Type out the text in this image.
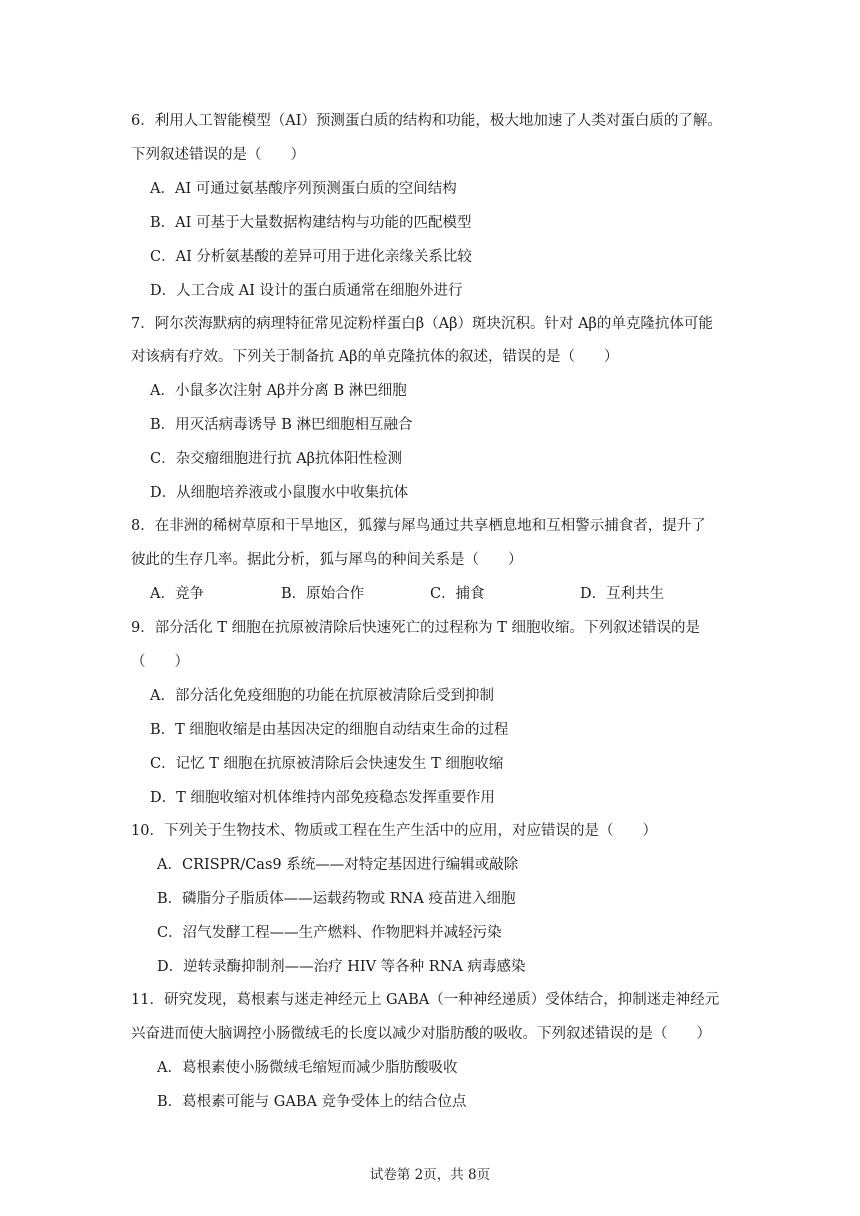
6．利用人工智能模型（AI）预测蛋白质的结构和功能，极大地加速了人类对蛋白质的了解。
下列叙述错误的是（　　）
A．AI 可通过氨基酸序列预测蛋白质的空间结构
B．AI 可基于大量数据构建结构与功能的匹配模型
C．AI 分析氨基酸的差异可用于进化亲缘关系比较
D．人工合成 AI 设计的蛋白质通常在细胞外进行
7．阿尔茨海默病的病理特征常见淀粉样蛋白β（Aβ）斑块沉积。针对 Aβ的单克隆抗体可能
对该病有疗效。下列关于制备抗 Aβ的单克隆抗体的叙述，错误的是（　　）
A．小鼠多次注射 Aβ并分离 B 淋巴细胞
B．用灭活病毒诱导 B 淋巴细胞相互融合
C．杂交瘤细胞进行抗 Aβ抗体阳性检测
D．从细胞培养液或小鼠腹水中收集抗体
8．在非洲的稀树草原和干旱地区，狐獴与犀鸟通过共享栖息地和互相警示捕食者，提升了
彼此的生存几率。据此分析，狐与犀鸟的种间关系是（　　）
A．竞争	B．原始合作	C．捕食	D．互利共生
9．部分活化 T 细胞在抗原被清除后快速死亡的过程称为 T 细胞收缩。下列叙述错误的是
（　　）
A．部分活化免疫细胞的功能在抗原被清除后受到抑制
B．T 细胞收缩是由基因决定的细胞自动结束生命的过程
C．记忆 T 细胞在抗原被清除后会快速发生 T 细胞收缩
D．T 细胞收缩对机体维持内部免疫稳态发挥重要作用
10．下列关于生物技术、物质或工程在生产生活中的应用，对应错误的是（　　）
A．CRISPR/Cas9 系统——对特定基因进行编辑或敲除
B．磷脂分子脂质体——运载药物或 RNA 疫苗进入细胞
C．沼气发酵工程——生产燃料、作物肥料并减轻污染
D．逆转录酶抑制剂——治疗 HIV 等各种 RNA 病毒感染
11．研究发现，葛根素与迷走神经元上 GABA（一种神经递质）受体结合，抑制迷走神经元
兴奋进而使大脑调控小肠微绒毛的长度以减少对脂肪酸的吸收。下列叙述错误的是（　　）
A．葛根素使小肠微绒毛缩短而减少脂肪酸吸收
B．葛根素可能与 GABA 竞争受体上的结合位点
试卷第 2页，共 8页
